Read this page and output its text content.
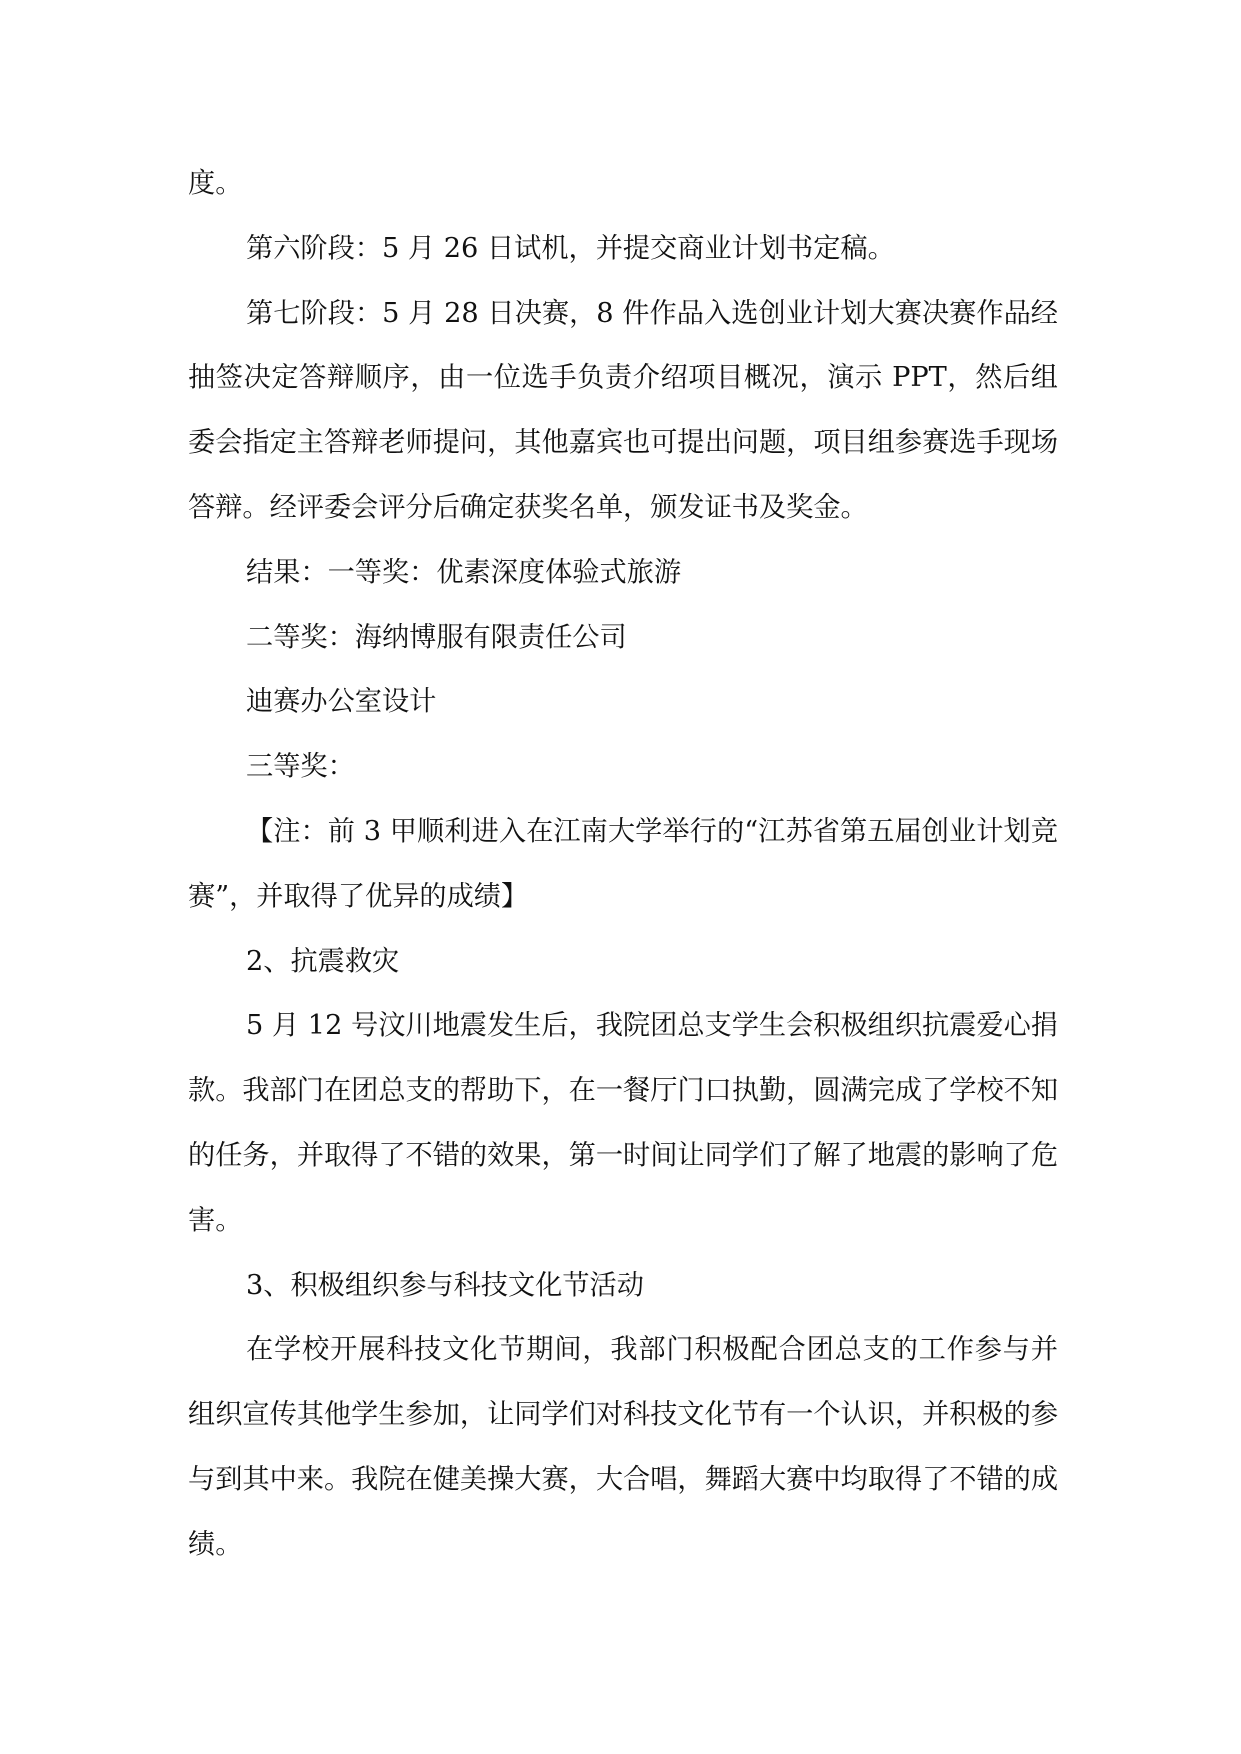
度。

第六阶段：5 月 26 日试机，并提交商业计划书定稿。

第七阶段：5 月 28 日决赛，8 件作品入选创业计划大赛决赛作品经抽签决定答辩顺序，由一位选手负责介绍项目概况，演示 PPT，然后组委会指定主答辩老师提问，其他嘉宾也可提出问题，项目组参赛选手现场答辩。经评委会评分后确定获奖名单，颁发证书及奖金。

结果：一等奖：优素深度体验式旅游

二等奖：海纳博服有限责任公司

迪赛办公室设计

三等奖：

【注：前 3 甲顺利进入在江南大学举行的“江苏省第五届创业计划竞赛”，并取得了优异的成绩】

2、抗震救灾

5 月 12 号汶川地震发生后，我院团总支学生会积极组织抗震爱心捐款。我部门在团总支的帮助下，在一餐厅门口执勤，圆满完成了学校不知的任务，并取得了不错的效果，第一时间让同学们了解了地震的影响了危害。

3、积极组织参与科技文化节活动

在学校开展科技文化节期间，我部门积极配合团总支的工作参与并组织宣传其他学生参加，让同学们对科技文化节有一个认识，并积极的参与到其中来。我院在健美操大赛，大合唱，舞蹈大赛中均取得了不错的成绩。
